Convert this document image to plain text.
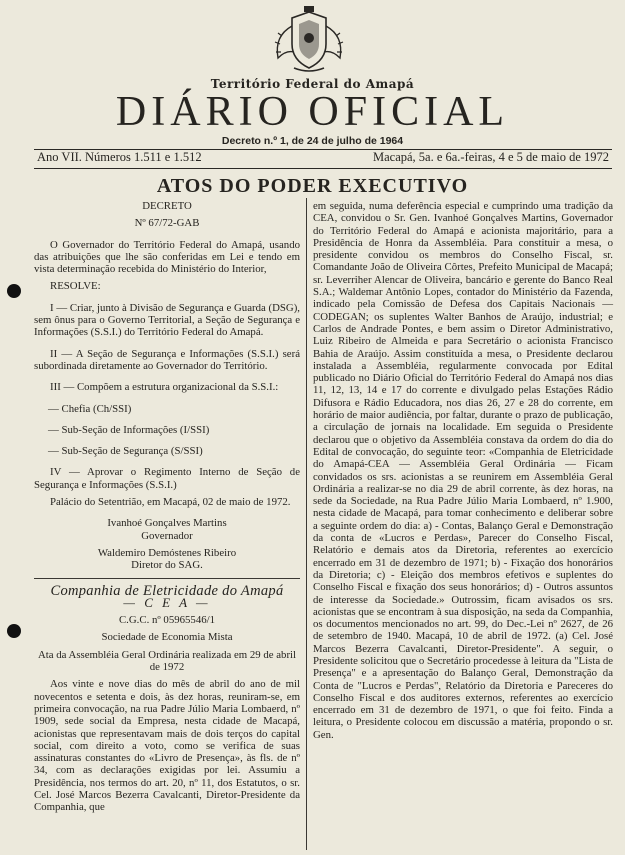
Território Federal do Amapá
DIÁRIO OFICIAL
Decreto n.º 1, de 24 de julho de 1964
Ano VII. Números 1.511 e 1.512	Macapá, 5a. e 6a.-feiras, 4 e 5 de maio de 1972
ATOS DO PODER EXECUTIVO

DECRETO

Nº 67/72-GAB

O Governador do Território Federal do Amapá, usando das atribuições que lhe são conferidas em Lei e tendo em vista determinação recebida do Ministério do Interior,

RESOLVE:

I — Criar, junto à Divisão de Segurança e Guarda (DSG), sem ônus para o Governo Territorial, a Seção de Segurança e Informações (S.S.I.) do Território Federal do Amapá.

II — A Seção de Segurança e Informações (S.S.I.) será subordinada diretamente ao Governador do Território.

III — Compõem a estrutura organizacional da S.S.I.:

— Chefia (Ch/SSI)

— Sub-Seção de Informações (I/SSI)

— Sub-Seção de Segurança (S/SSI)

IV — Aprovar o Regimento Interno de Seção de Segurança e Informações (S.S.I.)

Palácio do Setentrião, em Macapá, 02 de maio de 1972.

Ivanhoé Gonçalves Martins

Governador

Waldemiro Demóstenes Ribeiro

Diretor do SAG.

Companhia de Eletricidade do Amapá

— C E A —

C.G.C. nº 05965546/1

Sociedade de Economia Mista

Ata da Assembléia Geral Ordinária realizada em 29 de abril de 1972

Aos vinte e nove dias do mês de abril do ano de mil novecentos e setenta e dois, às dez horas, reuniram-se, em primeira convocação, na rua Padre Júlio Maria Lombaerd, nº 1909, sede social da Empresa, nesta cidade de Macapá, acionistas que representavam mais de dois terços do capital social, com direito a voto, como se verifica de suas assinaturas constantes do «Livro de Presença», às fls. de nº 34, com as declarações exigidas por lei. Assumiu a Presidência, nos termos do art. 20, nº 11, dos Estatutos, o sr. Cel. José Marcos Bezerra Cavalcanti, Diretor-Presidente da Companhia, que

em seguida, numa deferência especial e cumprindo uma tradição da CEA, convidou o Sr. Gen. Ivanhoé Gonçalves Martins, Governador do Território Federal do Amapá e acionista majoritário, para a Presidência de Honra da Assembléia. Para constituir a mesa, o presidente convidou os membros do Conselho Fiscal, sr. Comandante João de Oliveira Côrtes, Prefeito Municipal de Macapá; sr. Leverriher Alencar de Oliveira, bancário e gerente do Banco Real S.A.; Waldemar Antônio Lopes, contador do Ministério da Fazenda, indicado pela Comissão de Defesa dos Capitais Nacionais — CODEGAN; os suplentes Walter Banhos de Araújo, industrial; e Carlos de Andrade Pontes, e bem assim o Diretor Administrativo, Luiz Ribeiro de Almeida e para Secretário o acionista Francisco Bahia de Araújo. Assim constituída a mesa, o Presidente declarou instalada a Assembléia, regularmente convocada por Edital publicado no Diário Oficial do Território Federal do Amapá nos dias 11, 12, 13, 14 e 17 do corrente e divulgado pelas Estações Rádio Difusora e Rádio Educadora, nos dias 26, 27 e 28 do corrente, em horário de maior audiência, por faltar, durante o prazo de publicação, a circulação de jornais na localidade. Em seguida o Presidente declarou que o objetivo da Assembléia constava da ordem do dia do Edital de convocação, do seguinte teor: «Companhia de Eletricidade do Amapá-CEA — Assembléia Geral Ordinária — Ficam convidados os srs. acionistas a se reunirem em Assembléia Geral Ordinária a realizar-se no dia 29 de abril corrente, às dez horas, na sede da Sociedade, na Rua Padre Júlio Maria Lombaerd, nº 1.900, nesta cidade de Macapá, para tomar conhecimento e deliberar sobre a seguinte ordem do dia: a) - Contas, Balanço Geral e Demonstração da conta de «Lucros e Perdas», Parecer do Conselho Fiscal, Relatório e demais atos da Diretoria, referentes ao exercício encerrado em 31 de dezembro de 1971; b) - Fixação dos honorários da Diretoria; c) - Eleição dos membros efetivos e suplentes do Conselho Fiscal e fixação dos seus honorários; d) - Outros assuntos de interesse da Sociedade.» Outrossim, ficam avisados os srs. acionistas que se encontram à sua disposição, na seda da Companhia, os documentos mencionados no art. 99, do Dec.-Lei nº 2627, de 26 de setembro de 1940. Macapá, 10 de abril de 1972. (a) Cel. José Marcos Bezerra Cavalcanti, Diretor-Presidente". A seguir, o Presidente solicitou que o Secretário procedesse à leitura da "Lista de Presença" e a apresentação do Balanço Geral, Demonstração da Conta de "Lucros e Perdas", Relatório da Diretoria e Pareceres do Conselho Fiscal e dos auditores externos, referentes ao exercício encerrado em 31 de dezembro de 1971, o que foi feito. Finda a leitura, o Presidente colocou em discussão a matéria, propondo o sr. Gen.
